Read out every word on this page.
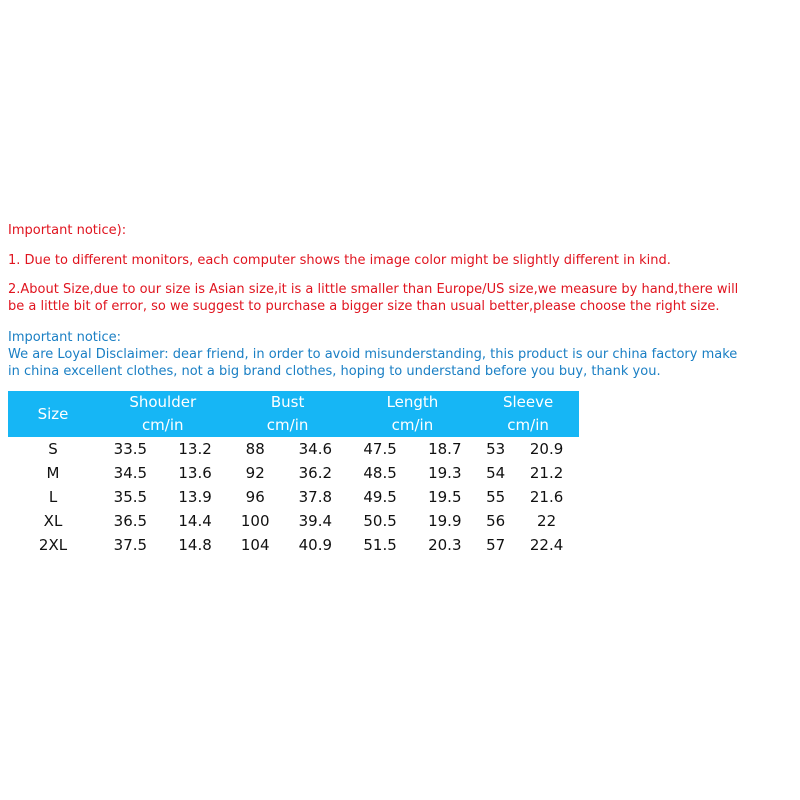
Important notice):
1. Due to different monitors, each computer shows the image color might be slightly different in kind.
2.About Size,due to our size is Asian size,it is a little smaller than Europe/US size,we measure by hand,there will
be a little bit of error, so we suggest to purchase a bigger size than usual better,please choose the right size.
Important notice:
We are Loyal Disclaimer: dear friend, in order to avoid misunderstanding, this product is our china factory make
in china excellent clothes, not a big brand clothes, hoping to understand before you buy, thank you.
Size	Shoulder		Bust		Length		Sleeve	
	cm/in		cm/in		cm/in		cm/in	
S	33.5	13.2	88	34.6	47.5	18.7	53	20.9
M	34.5	13.6	92	36.2	48.5	19.3	54	21.2
L	35.5	13.9	96	37.8	49.5	19.5	55	21.6
XL	36.5	14.4	100	39.4	50.5	19.9	56	22
2XL	37.5	14.8	104	40.9	51.5	20.3	57	22.4
